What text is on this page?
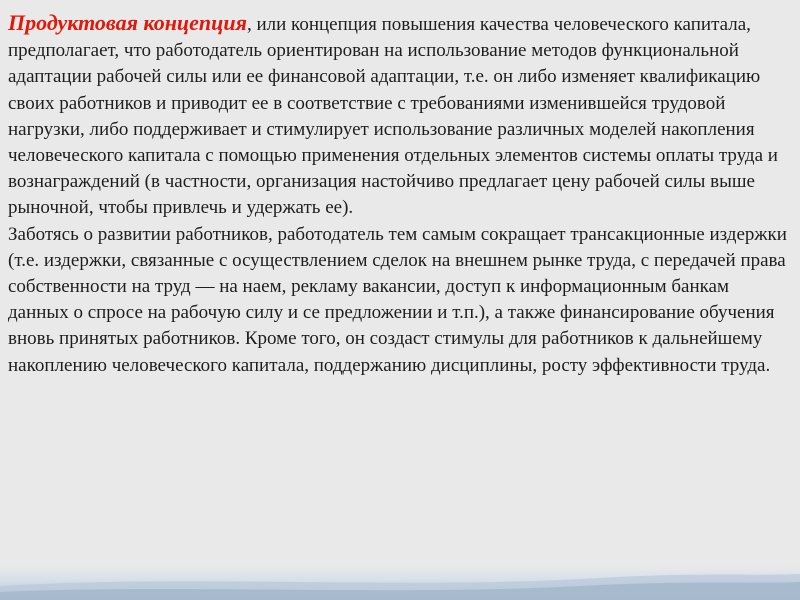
Продуктовая концепция, или концепция повышения качества человеческого капитала, предполагает, что работодатель ориентирован на использование методов функциональной адаптации рабочей силы или ее финансовой адаптации, т.е. он либо изменяет квалификацию своих работников и приводит ее в соответствие с требованиями изменившейся трудовой нагрузки, либо поддерживает и стимулирует использование различных моделей накопления человеческого капитала с помощью применения отдельных элементов системы оплаты труда и вознаграждений (в частности, организация настойчиво предлагает цену рабочей силы выше рыночной, чтобы привлечь и удержать ее).
Заботясь о развитии работников, работодатель тем самым сокращает трансакционные издержки (т.е. издержки, связанные с осуществлением сделок на внешнем рынке труда, с передачей права собственности на труд — на наем, рекламу вакансии, доступ к информационным банкам данных о спросе на рабочую силу и се предложении и т.п.), а также финансирование обучения вновь принятых работников. Кроме того, он создаст стимулы для работников к дальнейшему накоплению человеческого капитала, поддержанию дисциплины, росту эффективности труда.
